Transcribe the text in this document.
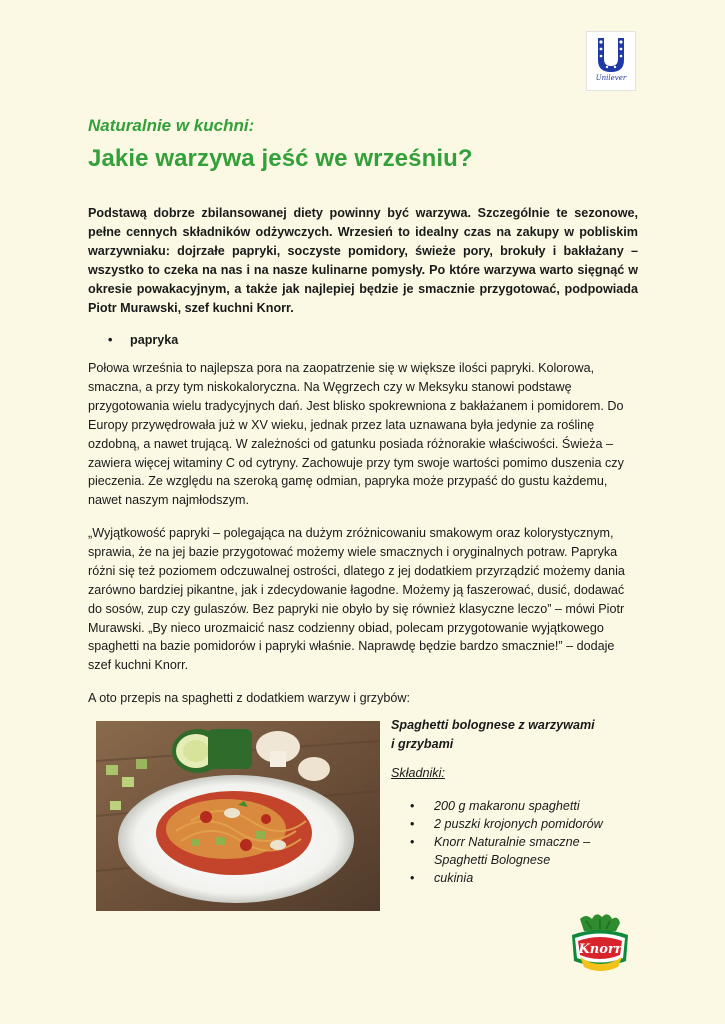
Unilever
Naturalnie w kuchni:
Jakie warzywa jeść we wrześniu?
Podstawą dobrze zbilansowanej diety powinny być warzywa. Szczególnie te sezonowe, pełne cennych składników odżywczych. Wrzesień to idealny czas na zakupy w pobliskim warzywniaku: dojrzałe papryki, soczyste pomidory, świeże pory, brokuły i bakłażany – wszystko to czeka na nas i na nasze kulinarne pomysły. Po które warzywa warto sięgnąć w okresie powakacyjnym, a także jak najlepiej będzie je smacznie przygotować, podpowiada Piotr Murawski, szef kuchni Knorr.
• papryka
Połowa września to najlepsza pora na zaopatrzenie się w większe ilości papryki. Kolorowa, smaczna, a przy tym niskokaloryczna. Na Węgrzech czy w Meksyku stanowi podstawę przygotowania wielu tradycyjnych dań. Jest blisko spokrewniona z bakłażanem i pomidorem. Do Europy przywędrowała już w XV wieku, jednak przez lata uznawana była jedynie za roślinę ozdobną, a nawet trującą. W zależności od gatunku posiada różnorakie właściwości. Świeża – zawiera więcej witaminy C od cytryny. Zachowuje przy tym swoje wartości pomimo duszenia czy pieczenia. Ze względu na szeroką gamę odmian, papryka może przypaść do gustu każdemu, nawet naszym najmłodszym.
„Wyjątkowość papryki – polegająca na dużym zróżnicowaniu smakowym oraz kolorystycznym, sprawia, że na jej bazie przygotować możemy wiele smacznych i oryginalnych potraw. Papryka różni się też poziomem odczuwalnej ostrości, dlatego z jej dodatkiem przyrządzić możemy dania zarówno bardziej pikantne, jak i zdecydowanie łagodne. Możemy ją faszerować, dusić, dodawać do sosów, zup czy gulaszów. Bez papryki nie obyło by się również klasyczne leczo” – mówi Piotr Murawski. „By nieco urozmaicić nasz codzienny obiad, polecam przygotowanie wyjątkowego spaghetti na bazie pomidorów i papryki właśnie. Naprawdę będzie bardzo smacznie!” – dodaje szef kuchni Knorr.
A oto przepis na spaghetti z dodatkiem warzyw i grzybów:
Spaghetti bolognese z warzywami i grzybami
Składniki:
• 200 g makaronu spaghetti
• 2 puszki krojonych pomidorów
• Knorr Naturalnie smaczne – Spaghetti Bolognese
• cukinia
Knorr
